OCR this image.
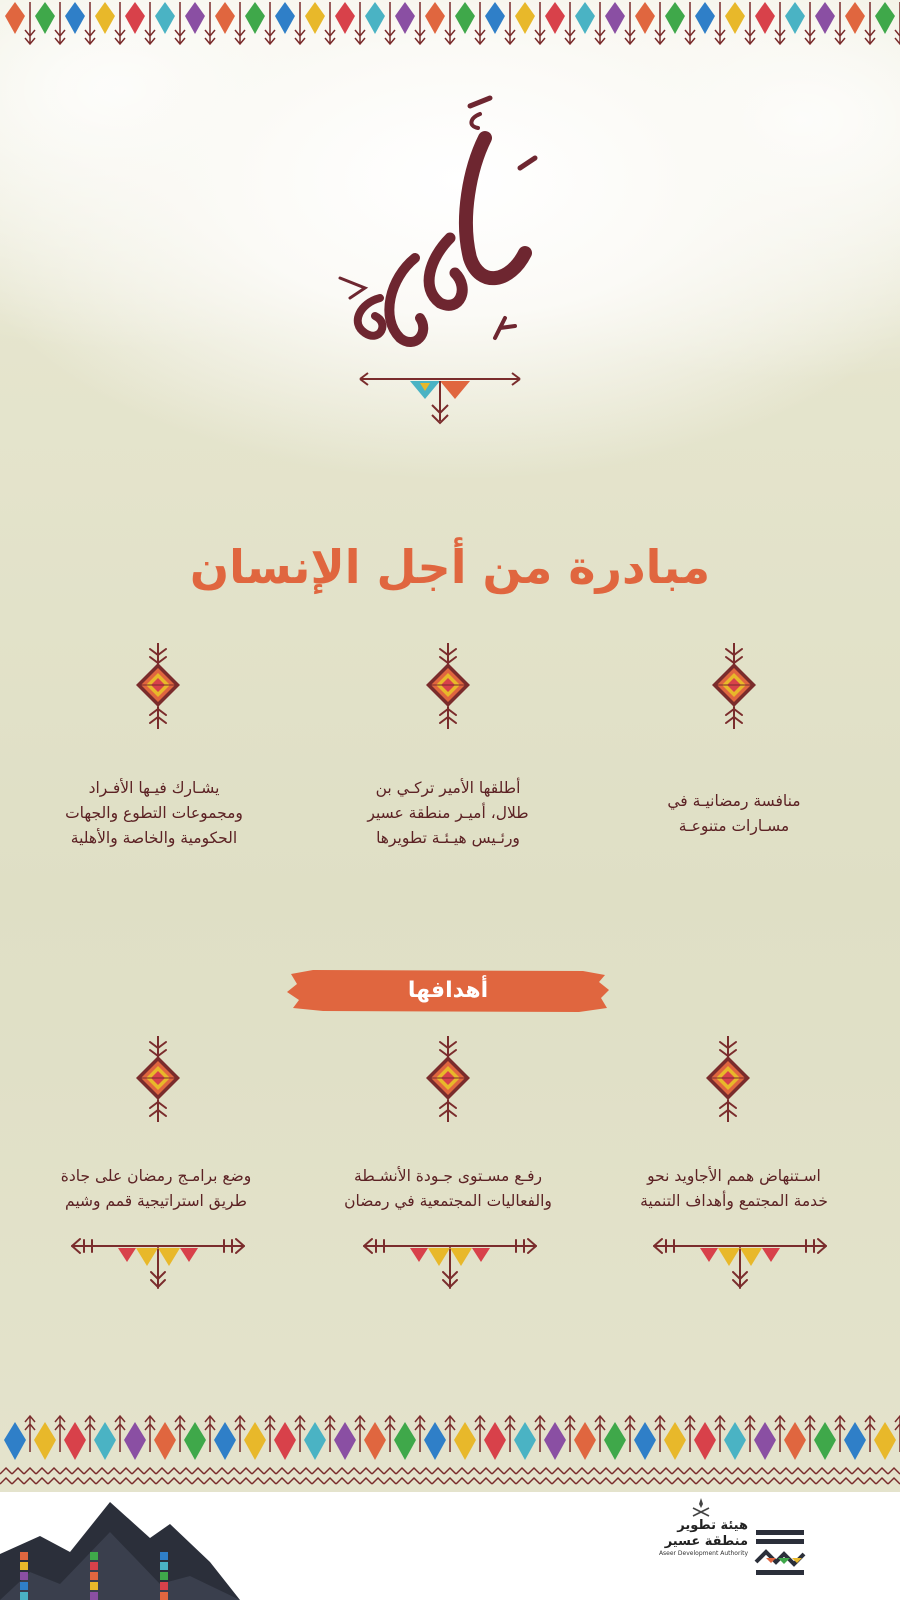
مبادرة من أجل الإنسان
منافسة رمضانيـة في
مسـارات متنوعـة
أطلقها الأمير تركـي بن
طلال، أميـر منطقة عسير
ورئـيس هيـئـة تطويرها
يشـارك فيـها الأفـراد
ومجموعات التطوع والجهات
الحكومية والخاصة والأهلية
أهدافها
اسـتنهاض همم الأجاويد نحو
خدمة المجتمع وأهداف التنمية
رفـع مسـتوى جـودة الأنشـطة
والفعاليات المجتمعية في رمضان
وضع برامـج رمضان على جادة
طريق استراتيجية قمم وشيم
هيئة تطوير
منطقة عسير
Aseer Development Authority
